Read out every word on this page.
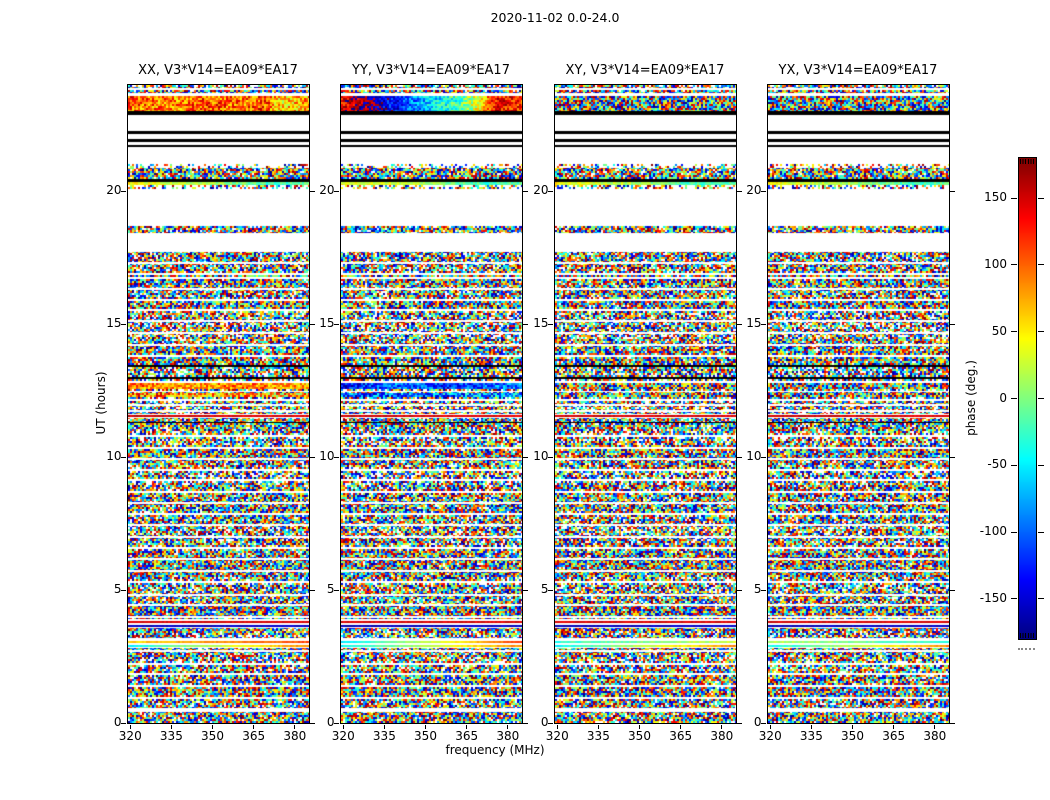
2020-11-02 0.0-24.0
UT (hours)
frequency (MHz)
XX, V3*V14=EA09*EA17
320	335	350	365	380
0
5
10
15
20
YY, V3*V14=EA09*EA17
320	335	350	365	380
0
5
10
15
20
XY, V3*V14=EA09*EA17
320	335	350	365	380
0
5
10
15
20
YX, V3*V14=EA09*EA17
320	335	350	365	380
0
5
10
15
20	150
100
50
0
-50
-100
-150
phase (deg.)
